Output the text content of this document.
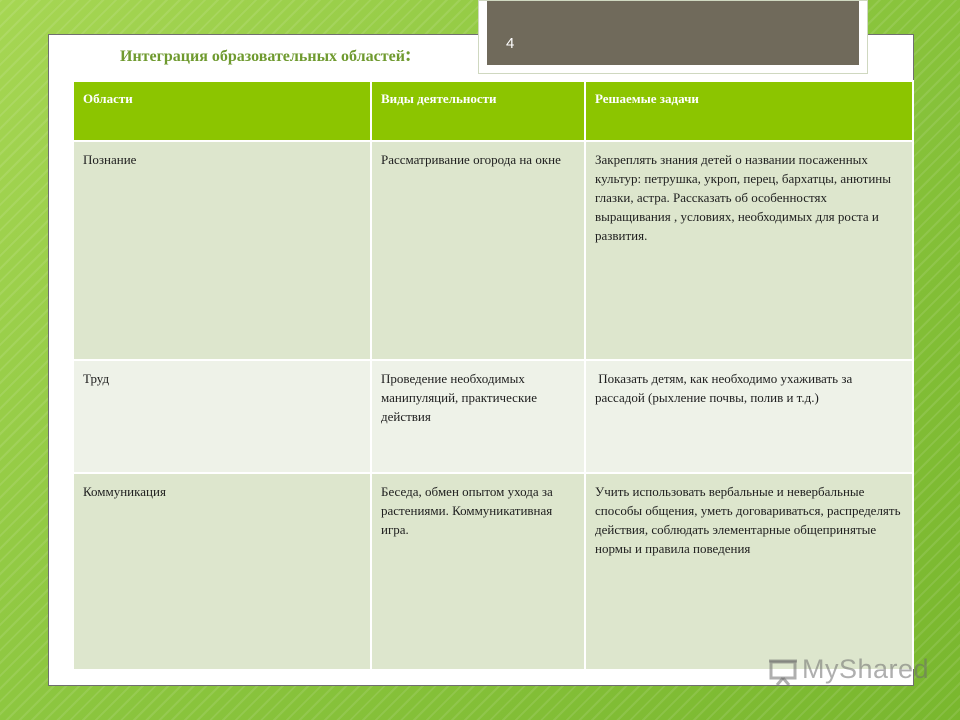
Интеграция образовательных областей:
4
Области	Виды деятельности	Решаемые задачи
Познание	Рассматривание огорода на окне	Закреплять знания детей о названии посаженных культур: петрушка, укроп, перец, бархатцы, анютины глазки, астра. Рассказать об особенностях выращивания , условиях, необходимых для роста и развития.
Труд	Проведение необходимых манипуляций, практические действия	Показать детям, как необходимо ухаживать за рассадой (рыхление почвы, полив и т.д.)
Коммуникация	Беседа, обмен опытом ухода за растениями. Коммуникативная игра.	Учить использовать вербальные и невербальные способы общения, уметь договариваться, распределять действия, соблюдать элементарные общепринятые нормы и правила поведения
MyShared
